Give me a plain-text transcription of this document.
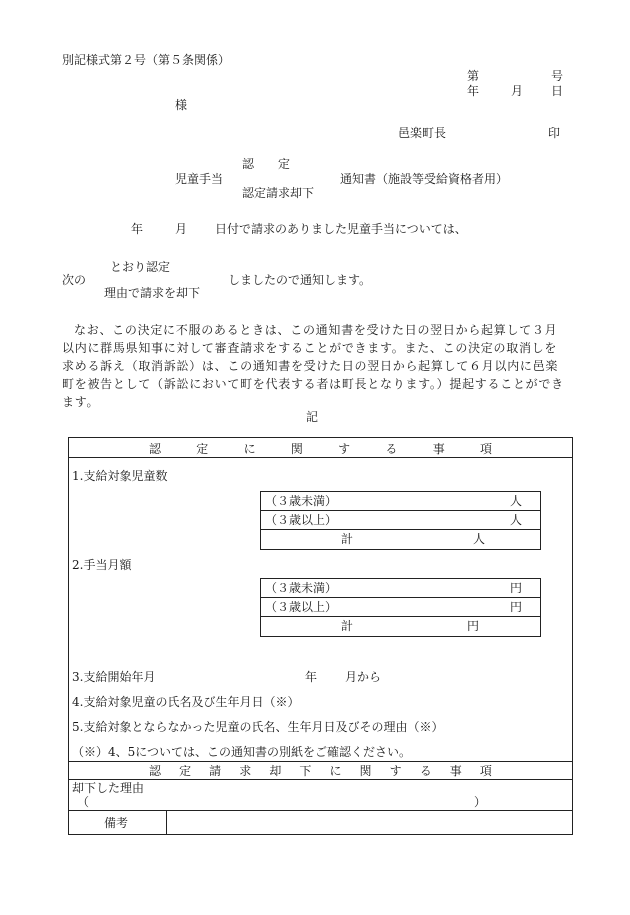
別記様式第２号（第５条関係）
第	号
年	月 日
様
邑楽町長	印
認　　定
児童手当	通知書（施設等受給資格者用）
認定請求却下
年	月 日付で請求のありました児童手当については、
とおり認定
次の	しましたので通知します。
理由で請求を却下
なお、この決定に不服のあるときは、この通知書を受けた日の翌日から起算して３月以内に群馬県知事に対して審査請求をすることができます。また、この決定の取消しを求める訴え（取消訴訟）は、この通知書を受けた日の翌日から起算して６月以内に邑楽町を被告として（訴訟において町を代表する者は町長となります。）提起することができます。
記
認	定	に	関	す	る	事	項
1.支給対象児童数
（３歳未満）	人
（３歳以上）	人
計	人
2.手当月額
（３歳未満）	円
（３歳以上）	円
計	円
3.支給開始年月	年 月から
4.支給対象児童の氏名及び生年月日（※）
5.支給対象とならなかった児童の氏名、生年月日及びその理由（※）
（※）4、5については、この通知書の別紙をご確認ください。
認 定 請 求 却 下 に 関 す る 事 項
却下した理由
（	）
備考
